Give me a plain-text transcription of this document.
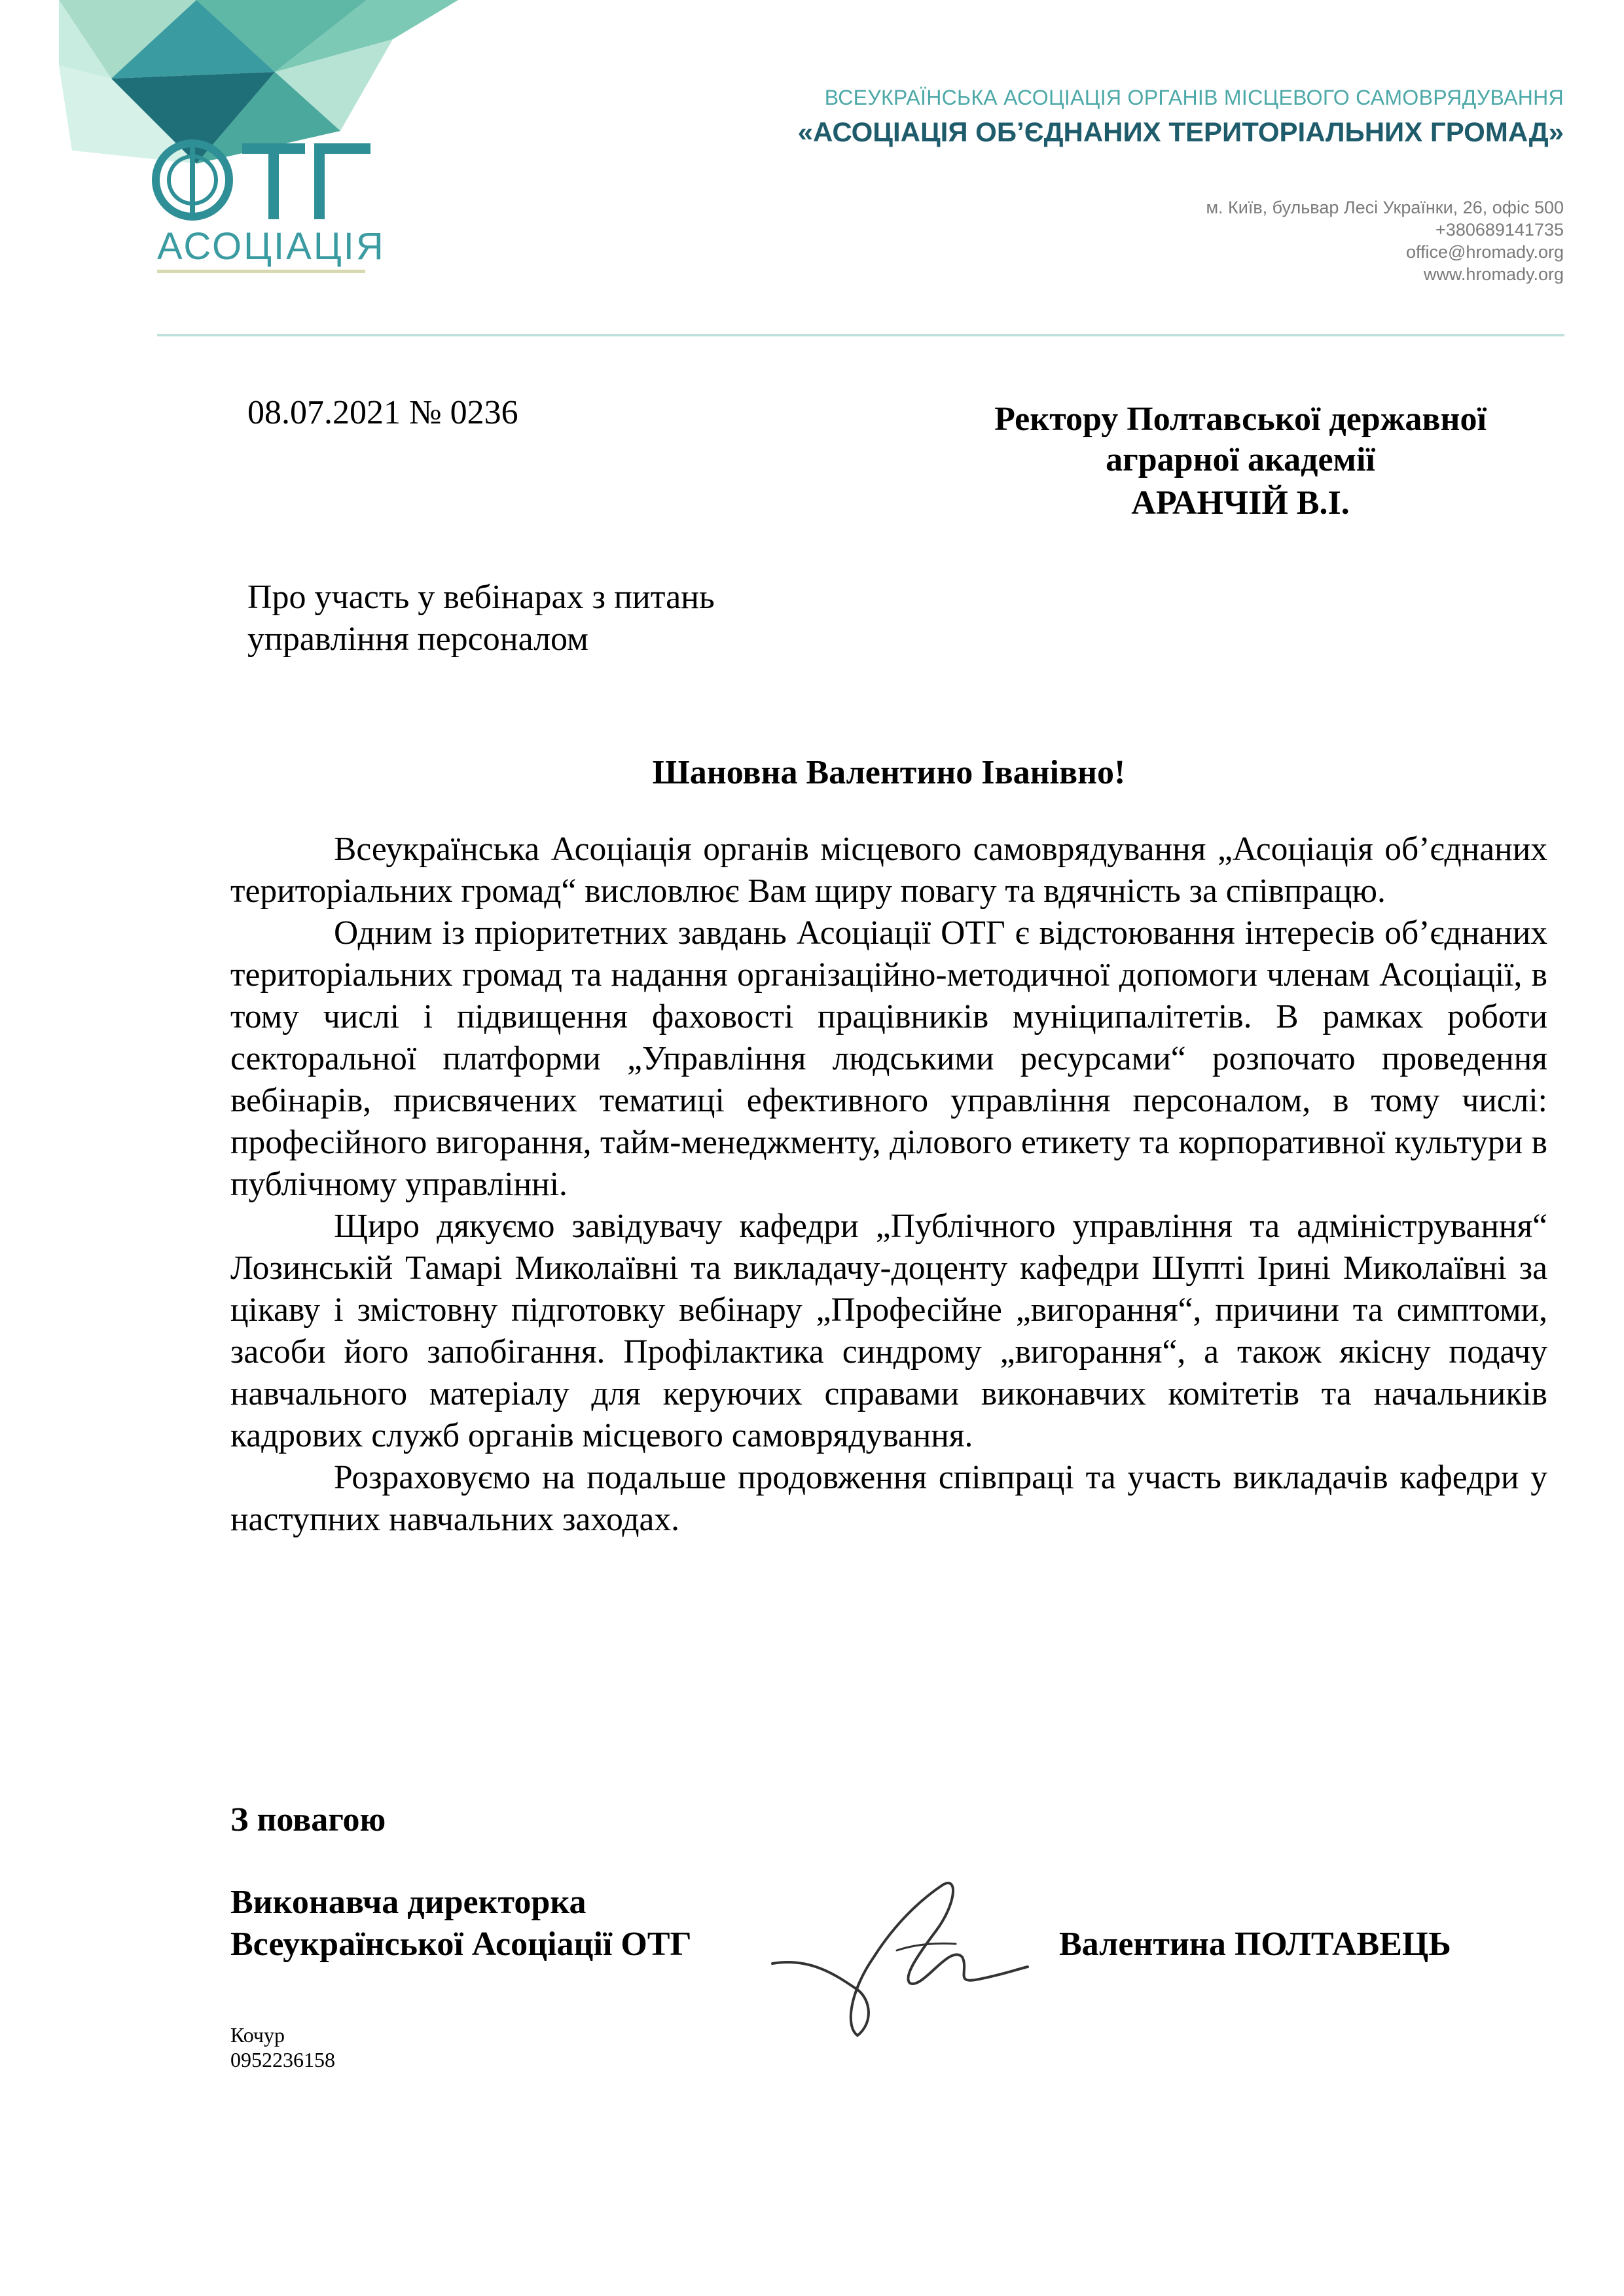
АСОЦІАЦІЯ
ВСЕУКРАЇНСЬКА АСОЦІАЦІЯ ОРГАНІВ МІСЦЕВОГО САМОВРЯДУВАННЯ
«АСОЦІАЦІЯ ОБ’ЄДНАНИХ ТЕРИТОРІАЛЬНИХ ГРОМАД»
м. Київ, бульвар Лесі Українки, 26, офіс 500
+380689141735
office@hromady.org
www.hromady.org
08.07.2021 № 0236	Ректору Полтавської державної
аграрної академії
АРАНЧІЙ В.І.
Про участь у вебінарах з питань
управління персоналом
Шановна Валентино Іванівно!

Всеукраїнська Асоціація органів місцевого самоврядування „Асоціація об’єднаних територіальних громад“ висловлює Вам щиру повагу та вдячність за співпрацю.

Одним із пріоритетних завдань Асоціації ОТГ є відстоювання інтересів об’єднаних територіальних громад та надання організаційно-методичної допомоги членам Асоціації, в тому числі і підвищення фаховості працівників муніципалітетів. В рамках роботи секторальної платформи „Управління людськими ресурсами“ розпочато проведення вебінарів, присвячених тематиці ефективного управління персоналом, в тому числі: професійного вигорання, тайм-менеджменту, ділового етикету та корпоративної культури в публічному управлінні.

Щиро дякуємо завідувачу кафедри „Публічного управління та адміністрування“ Лозинській Тамарі Миколаївні та викладачу-доценту кафедри Шупті Ірині Миколаївні за цікаву і змістовну підготовку вебінару „Професійне „вигорання“, причини та симптоми, засоби його запобігання. Профілактика синдрому „вигорання“, а також якісну подачу навчального матеріалу для керуючих справами виконавчих комітетів та начальників кадрових служб органів місцевого самоврядування.

Розраховуємо на подальше продовження співпраці та участь викладачів кафедри у наступних навчальних заходах.

З повагою
Виконавча директорка
Всеукраїнської Асоціації ОТГ	Валентина ПОЛТАВЕЦЬ
Кочур
0952236158
